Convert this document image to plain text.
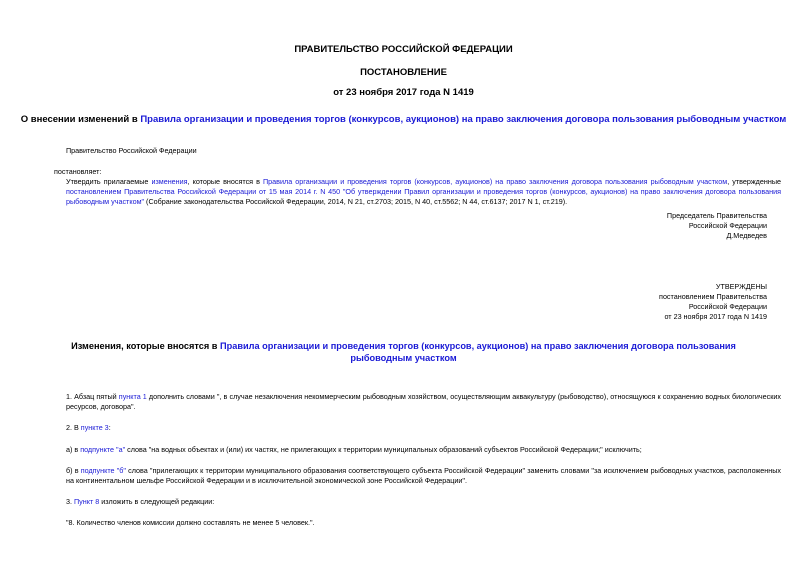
ПРАВИТЕЛЬСТВО РОССИЙСКОЙ ФЕДЕРАЦИИ
ПОСТАНОВЛЕНИЕ
от 23 ноября 2017 года N 1419
О внесении изменений в Правила организации и проведения торгов (конкурсов, аукционов) на право заключения договора пользования рыбоводным участком
Правительство Российской Федерации
постановляет:
Утвердить прилагаемые изменения, которые вносятся в Правила организации и проведения торгов (конкурсов, аукционов) на право заключения договора пользования рыбоводным участком, утвержденные постановлением Правительства Российской Федерации от 15 мая 2014 г. N 450 "Об утверждении Правил организации и проведения торгов (конкурсов, аукционов) на право заключения договора пользования рыбоводным участком" (Собрание законодательства Российской Федерации, 2014, N 21, ст.2703; 2015, N 40, ст.5562; N 44, ст.6137; 2017 N 1, ст.219).
Председатель Правительства
Российской Федерации
Д.Медведев
УТВЕРЖДЕНЫ
постановлением Правительства
Российской Федерации
от 23 ноября 2017 года N 1419
Изменения, которые вносятся в Правила организации и проведения торгов (конкурсов, аукционов) на право заключения договора пользования рыбоводным участком
1. Абзац пятый пункта 1 дополнить словами ", в случае незаключения некоммерческим рыбоводным хозяйством, осуществляющим аквакультуру (рыбоводство), относящуюся к сохранению водных биологических ресурсов, договора".
2. В пункте 3:
а) в подпункте "а" слова "на водных объектах и (или) их частях, не прилегающих к территории муниципальных образований субъектов Российской Федерации;" исключить;
б) в подпункте "б" слова "прилегающих к территории муниципального образования соответствующего субъекта Российской Федерации" заменить словами "за исключением рыбоводных участков, расположенных на континентальном шельфе Российской Федерации и в исключительной экономической зоне Российской Федерации".
3. Пункт 8 изложить в следующей редакции:
"8. Количество членов комиссии должно составлять не менее 5 человек.".
